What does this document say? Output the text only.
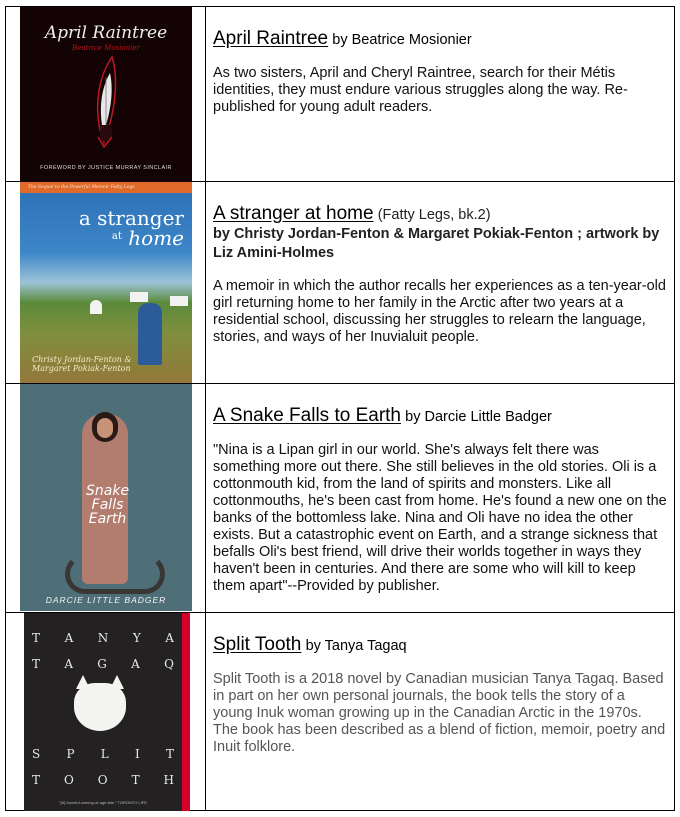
April Raintree
Beatrice Mosionier
FOREWORD BY JUSTICE MURRAY SINCLAIR

April Raintree by Beatrice Mosionier
As two sisters, April and Cheryl Raintree, search for their Métis identities, they must endure various struggles along the way. Re-published for young adult readers.

The Sequel to the Powerful Memoir Fatty Legs
a stranger
$^{at}$ home
Christy Jordan-Fenton &
Margaret Pokiak-Fenton

A stranger at home (Fatty Legs, bk.2)
by Christy Jordan-Fenton & Margaret Pokiak-Fenton ; artwork by Liz Amini-Holmes
A memoir in which the author recalls her experiences as a ten-year-old girl returning home to her family in the Arctic after two years at a residential school, discussing her struggles to relearn the language, stories, and ways of her Inuvialuit people.

Snake
Falls
Earth
DARCIE LITTLE BADGER

A Snake Falls to Earth by Darcie Little Badger
"Nina is a Lipan girl in our world. She's always felt there was something more out there. She still believes in the old stories. Oli is a cottonmouth kid, from the land of spirits and monsters. Like all cottonmouths, he's been cast from home. He's found a new one on the banks of the bottomless lake. Nina and Oli have no idea the other exists. But a catastrophic event on Earth, and a strange sickness that befalls Oli's best friend, will drive their worlds together in ways they haven't been in centuries. And there are some who will kill to keep them apart"--Provided by publisher.

T A N Y A
T A G A Q
S P L I T
T O O T H
"[A] forceful coming-of-age tale." TORONTO LIFE

Split Tooth by Tanya Tagaq
Split Tooth is a 2018 novel by Canadian musician Tanya Tagaq. Based in part on her own personal journals, the book tells the story of a young Inuk woman growing up in the Canadian Arctic in the 1970s. The book has been described as a blend of fiction, memoir, poetry and Inuit folklore.
